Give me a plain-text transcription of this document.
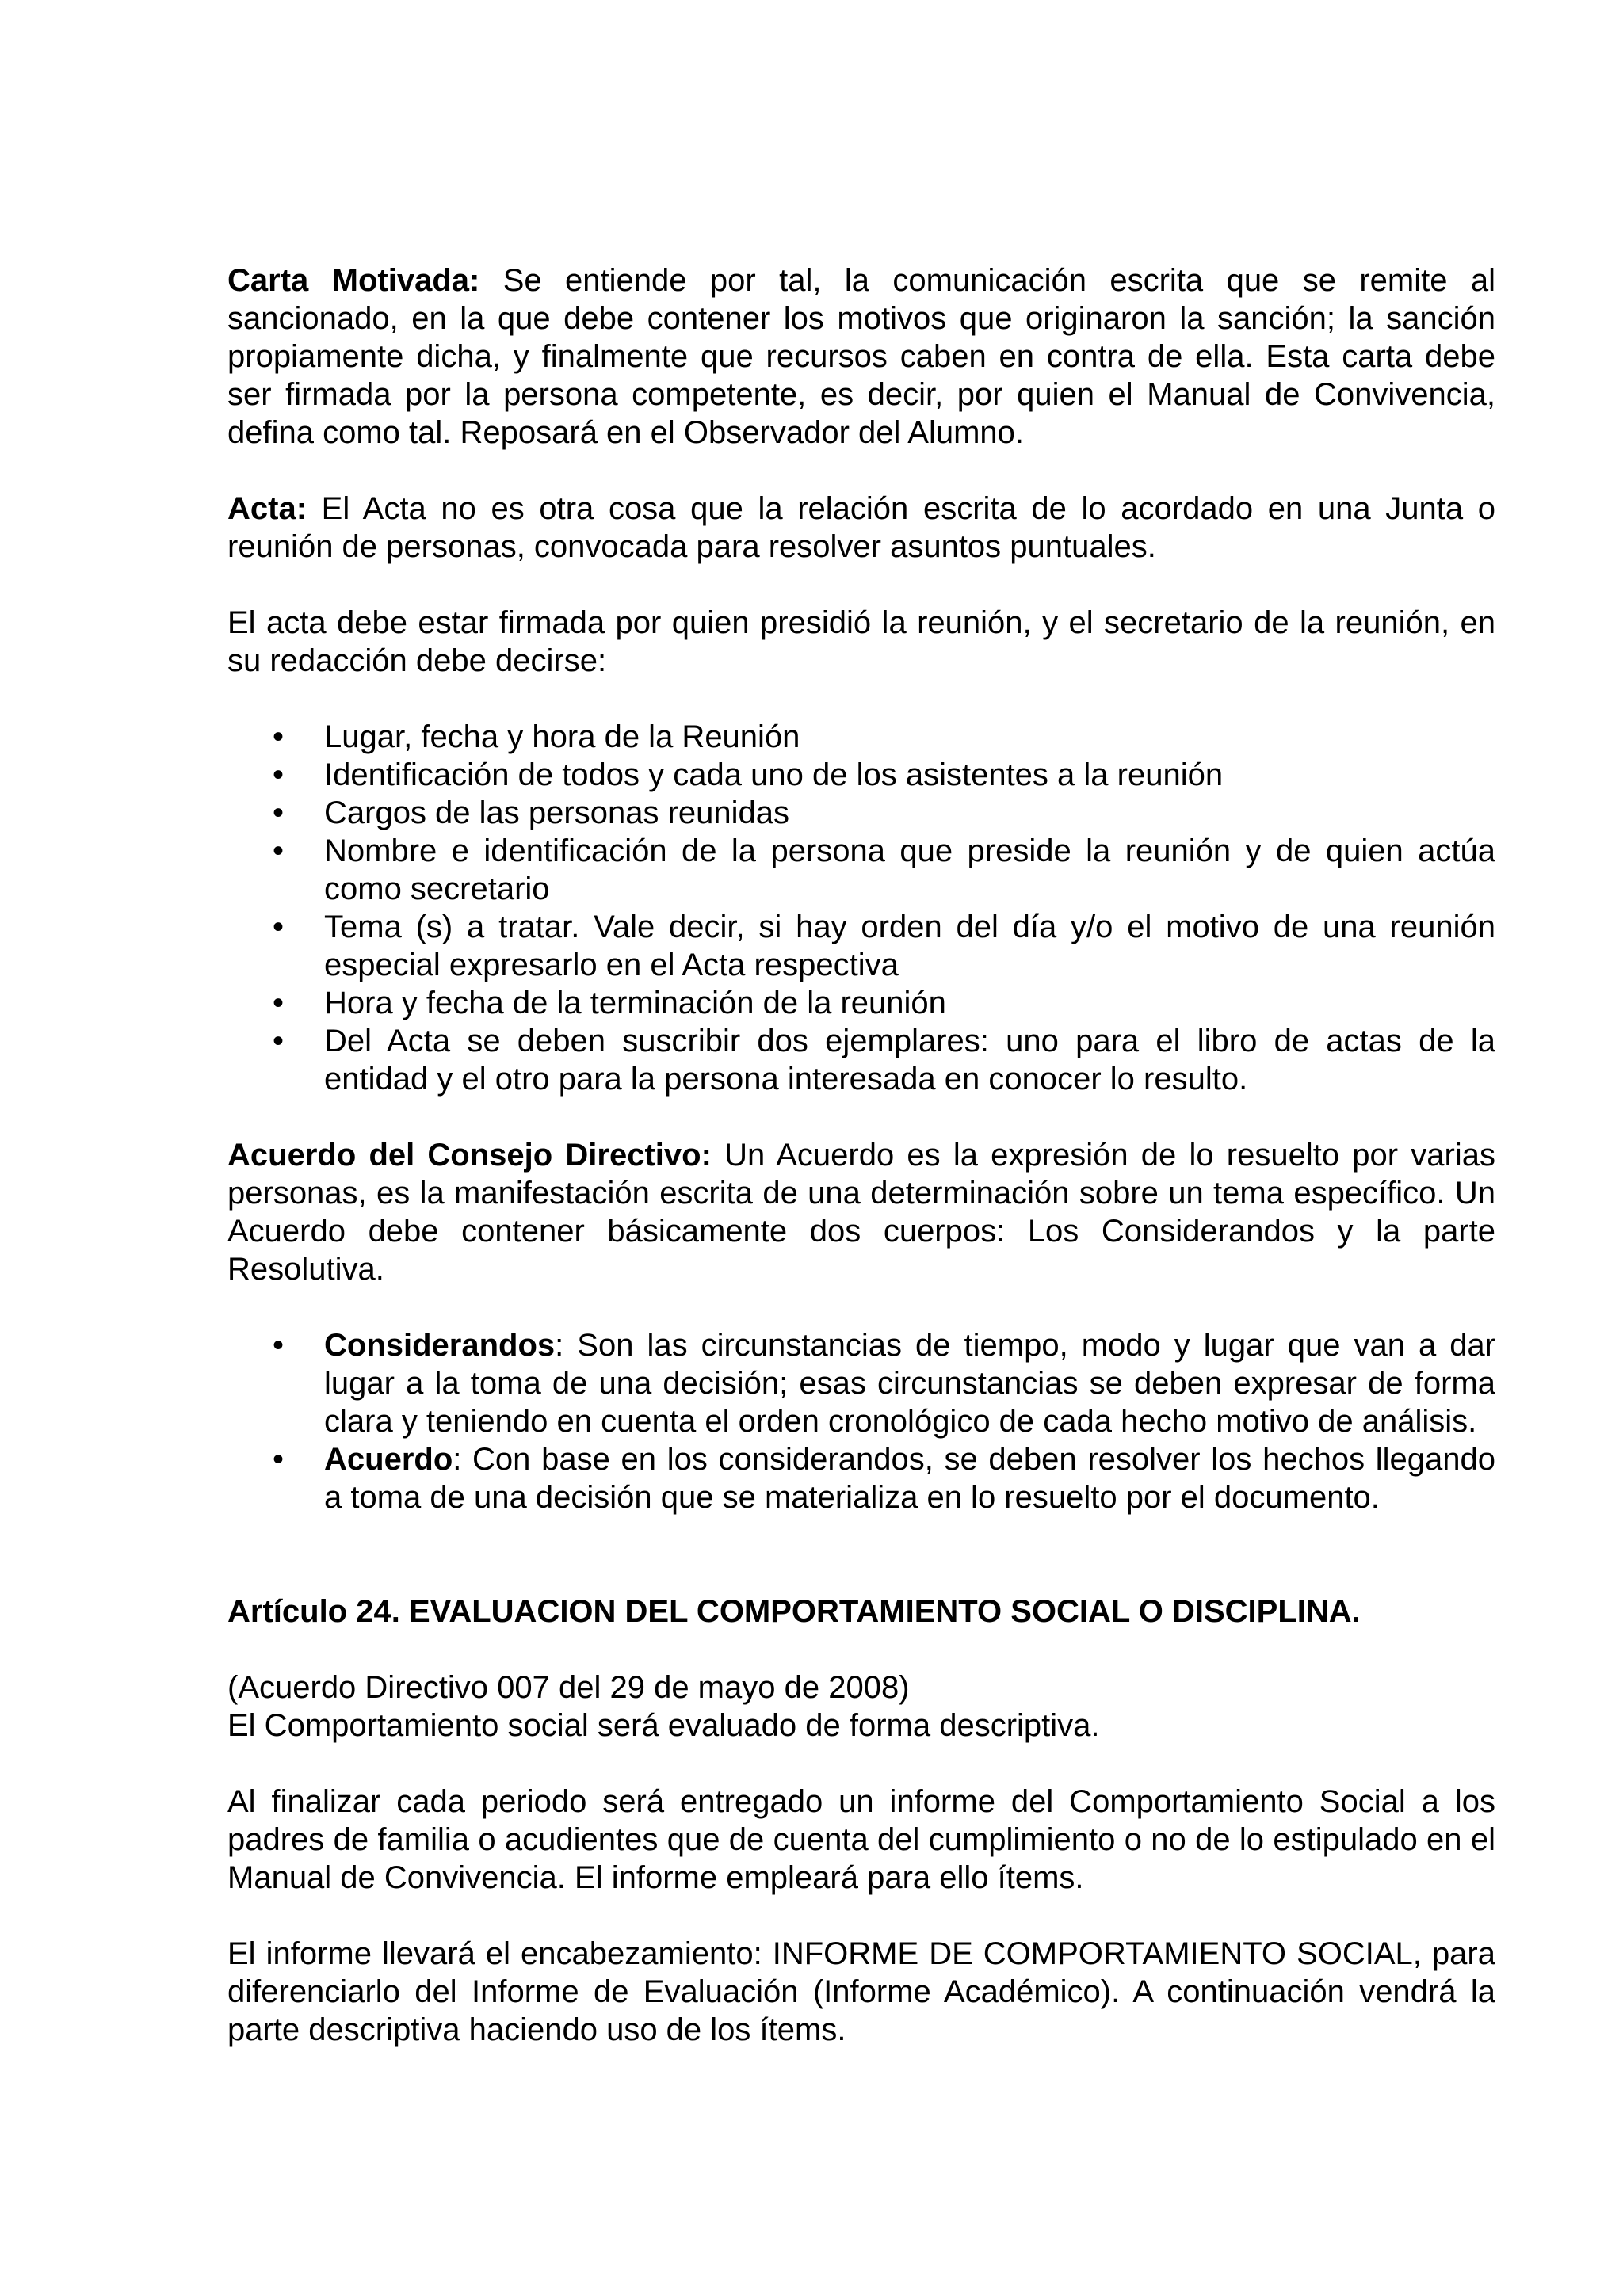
Carta Motivada: Se entiende por tal, la comunicación escrita que se remite al sancionado, en la que debe contener los motivos que originaron la sanción; la sanción propiamente dicha, y finalmente que recursos caben en contra de ella. Esta carta debe ser firmada por la persona competente, es decir, por quien el Manual de Convivencia, defina como tal. Reposará en el Observador del Alumno.

Acta: El Acta no es otra cosa que la relación escrita de lo acordado en una Junta o reunión de personas, convocada para resolver asuntos puntuales.

El acta debe estar firmada por quien presidió la reunión, y el secretario de la reunión, en su redacción debe decirse:

• Lugar, fecha y hora de la Reunión
• Identificación de todos y cada uno de los asistentes a la reunión
• Cargos de las personas reunidas
• Nombre e identificación de la persona que preside la reunión y de quien actúa como secretario
• Tema (s) a tratar. Vale decir, si hay orden del día y/o el motivo de una reunión especial expresarlo en el Acta respectiva
• Hora y fecha de la terminación de la reunión
• Del Acta se deben suscribir dos ejemplares: uno para el libro de actas de la entidad y el otro para la persona interesada en conocer lo resulto.

Acuerdo del Consejo Directivo: Un Acuerdo es la expresión de lo resuelto por varias personas, es la manifestación escrita de una determinación sobre un tema específico. Un Acuerdo debe contener básicamente dos cuerpos: Los Considerandos y la parte Resolutiva.

• Considerandos: Son las circunstancias de tiempo, modo y lugar que van a dar lugar a la toma de una decisión; esas circunstancias se deben expresar de forma clara y teniendo en cuenta el orden cronológico de cada hecho motivo de análisis.
• Acuerdo: Con base en los considerandos, se deben resolver los hechos llegando a toma de una decisión que se materializa en lo resuelto por el documento.

Artículo 24. EVALUACION DEL COMPORTAMIENTO SOCIAL O DISCIPLINA.

(Acuerdo Directivo 007 del 29 de mayo de 2008)

El Comportamiento social será evaluado de forma descriptiva.

Al finalizar cada periodo será entregado un informe del Comportamiento Social a los padres de familia o acudientes que de cuenta del cumplimiento o no de lo estipulado en el Manual de Convivencia. El informe empleará para ello ítems.

El informe llevará el encabezamiento: INFORME DE COMPORTAMIENTO SOCIAL, para diferenciarlo del Informe de Evaluación (Informe Académico). A continuación vendrá la parte descriptiva haciendo uso de los ítems.
